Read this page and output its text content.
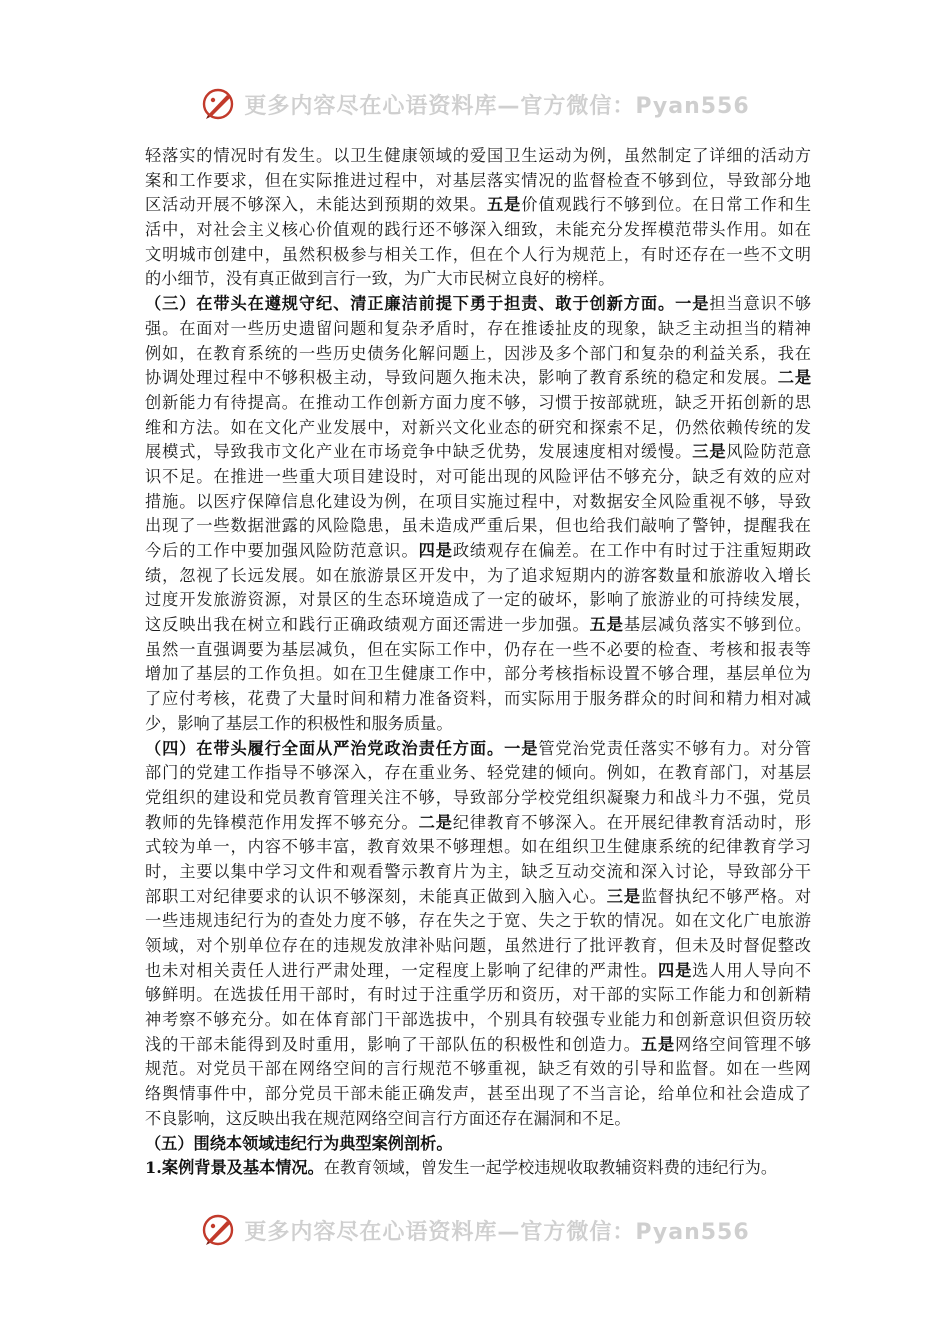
更多内容尽在心语资料库—官方微信：Pyan556
轻落实的情况时有发生。以卫生健康领域的爱国卫生运动为例，虽然制定了详细的活动方
案和工作要求，但在实际推进过程中，对基层落实情况的监督检查不够到位，导致部分地
区活动开展不够深入，未能达到预期的效果。五是价值观践行不够到位。在日常工作和生
活中，对社会主义核心价值观的践行还不够深入细致，未能充分发挥模范带头作用。如在
文明城市创建中，虽然积极参与相关工作，但在个人行为规范上，有时还存在一些不文明
的小细节，没有真正做到言行一致，为广大市民树立良好的榜样。
（三）在带头在遵规守纪、清正廉洁前提下勇于担责、敢于创新方面。一是担当意识不够
强。在面对一些历史遗留问题和复杂矛盾时，存在推诿扯皮的现象，缺乏主动担当的精神
例如，在教育系统的一些历史债务化解问题上，因涉及多个部门和复杂的利益关系，我在
协调处理过程中不够积极主动，导致问题久拖未决，影响了教育系统的稳定和发展。二是
创新能力有待提高。在推动工作创新方面力度不够，习惯于按部就班，缺乏开拓创新的思
维和方法。如在文化产业发展中，对新兴文化业态的研究和探索不足，仍然依赖传统的发
展模式，导致我市文化产业在市场竞争中缺乏优势，发展速度相对缓慢。三是风险防范意
识不足。在推进一些重大项目建设时，对可能出现的风险评估不够充分，缺乏有效的应对
措施。以医疗保障信息化建设为例，在项目实施过程中，对数据安全风险重视不够，导致
出现了一些数据泄露的风险隐患，虽未造成严重后果，但也给我们敲响了警钟，提醒我在
今后的工作中要加强风险防范意识。四是政绩观存在偏差。在工作中有时过于注重短期政
绩，忽视了长远发展。如在旅游景区开发中，为了追求短期内的游客数量和旅游收入增长
过度开发旅游资源，对景区的生态环境造成了一定的破坏，影响了旅游业的可持续发展，
这反映出我在树立和践行正确政绩观方面还需进一步加强。五是基层减负落实不够到位。
虽然一直强调要为基层减负，但在实际工作中，仍存在一些不必要的检查、考核和报表等
增加了基层的工作负担。如在卫生健康工作中，部分考核指标设置不够合理，基层单位为
了应付考核，花费了大量时间和精力准备资料，而实际用于服务群众的时间和精力相对减
少，影响了基层工作的积极性和服务质量。
（四）在带头履行全面从严治党政治责任方面。一是管党治党责任落实不够有力。对分管
部门的党建工作指导不够深入，存在重业务、轻党建的倾向。例如，在教育部门，对基层
党组织的建设和党员教育管理关注不够，导致部分学校党组织凝聚力和战斗力不强，党员
教师的先锋模范作用发挥不够充分。二是纪律教育不够深入。在开展纪律教育活动时，形
式较为单一，内容不够丰富，教育效果不够理想。如在组织卫生健康系统的纪律教育学习
时，主要以集中学习文件和观看警示教育片为主，缺乏互动交流和深入讨论，导致部分干
部职工对纪律要求的认识不够深刻，未能真正做到入脑入心。三是监督执纪不够严格。对
一些违规违纪行为的查处力度不够，存在失之于宽、失之于软的情况。如在文化广电旅游
领域，对个别单位存在的违规发放津补贴问题，虽然进行了批评教育，但未及时督促整改
也未对相关责任人进行严肃处理，一定程度上影响了纪律的严肃性。四是选人用人导向不
够鲜明。在选拔任用干部时，有时过于注重学历和资历，对干部的实际工作能力和创新精
神考察不够充分。如在体育部门干部选拔中，个别具有较强专业能力和创新意识但资历较
浅的干部未能得到及时重用，影响了干部队伍的积极性和创造力。五是网络空间管理不够
规范。对党员干部在网络空间的言行规范不够重视，缺乏有效的引导和监督。如在一些网
络舆情事件中，部分党员干部未能正确发声，甚至出现了不当言论，给单位和社会造成了
不良影响，这反映出我在规范网络空间言行方面还存在漏洞和不足。
（五）围绕本领域违纪行为典型案例剖析。
1.案例背景及基本情况。在教育领域，曾发生一起学校违规收取教辅资料费的违纪行为。
更多内容尽在心语资料库—官方微信：Pyan556
